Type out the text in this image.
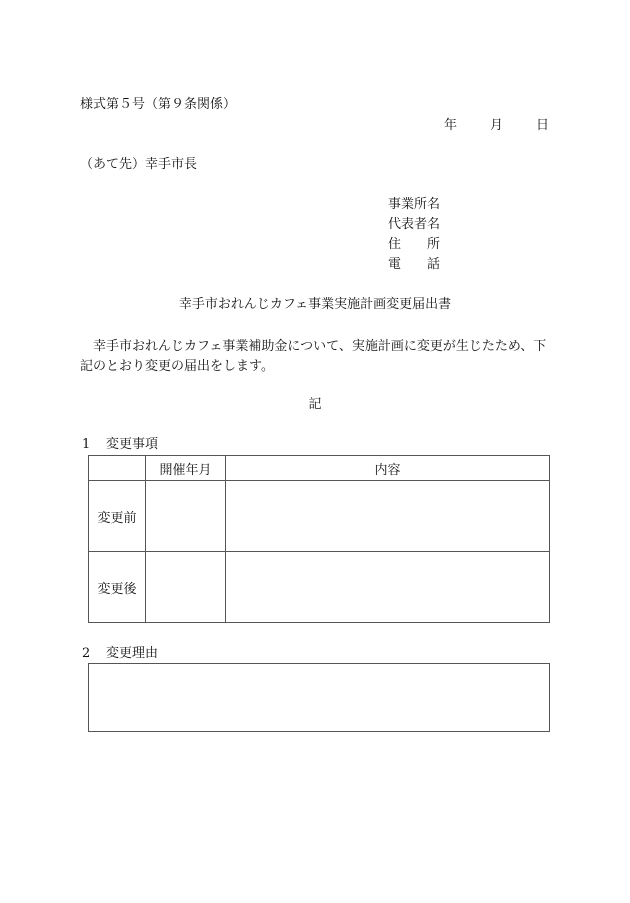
様式第５号（第９条関係）
年	月	日
（あて先）幸手市長
事業所名
代表者名
住 所
電 話
幸手市おれんじカフェ事業実施計画変更届出書
幸手市おれんじカフェ事業補助金について、実施計画に変更が生じたため、下記のとおり変更の届出をします。
記
1 変更事項
	開催年月	内容
変更前		
変更後		
2 変更理由
